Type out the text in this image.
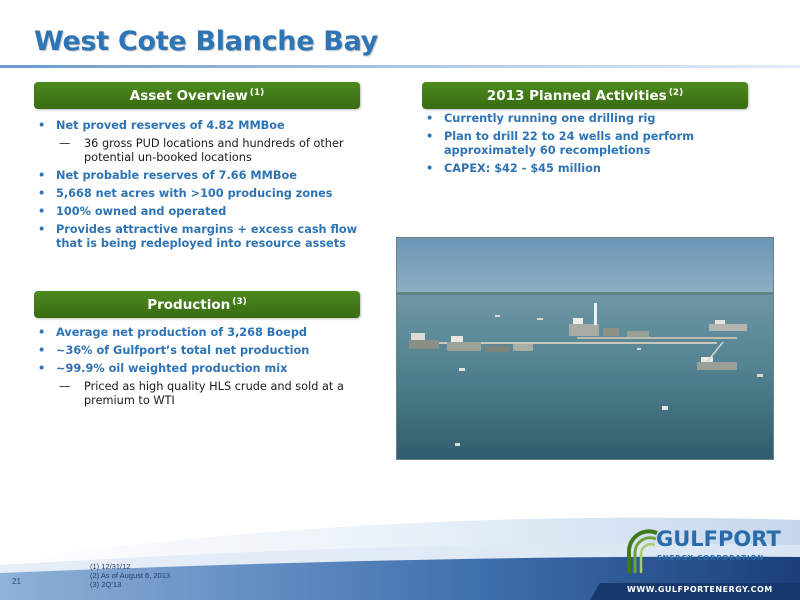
West Cote Blanche Bay
Asset Overview$^{(1)}$
• Net proved reserves of 4.82 MMBoe
— 36 gross PUD locations and hundreds of other potential un-booked locations
• Net probable reserves of 7.66 MMBoe
• 5,668 net acres with >100 producing zones
• 100% owned and operated
• Provides attractive margins + excess cash flow that is being redeployed into resource assets
2013 Planned Activities$^{(2)}$
• Currently running one drilling rig
• Plan to drill 22 to 24 wells and perform approximately 60 recompletions
• CAPEX: $42 - $45 million
Production$^{(3)}$
• Average net production of 3,268 Boepd
• ~36% of Gulfport’s total net production
• ~99.9% oil weighted production mix
— Priced as high quality HLS crude and sold at a premium to WTI
21
(1) 12/31/12
(2) As of August 6, 2013
(3) 2Q’13
GULFPORT
ENERGY CORPORATION
WWW.GULFPORTENERGY.COM
